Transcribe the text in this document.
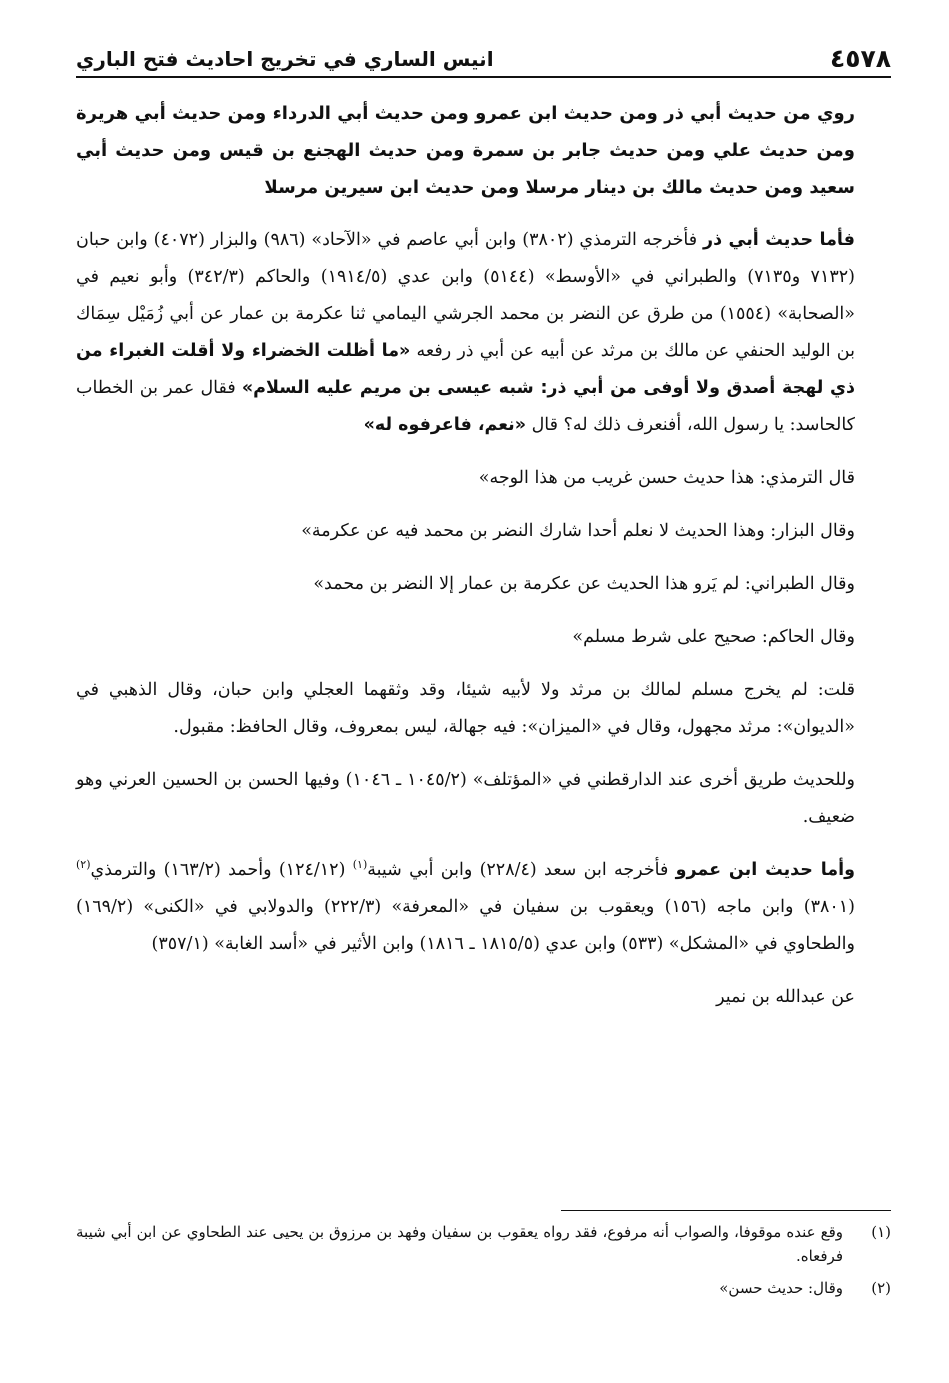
٤٥٧٨
انيس الساري في تخريج احاديث فتح الباري

روي من حديث أبي ذر ومن حديث ابن عمرو ومن حديث أبي الدرداء ومن حديث أبي هريرة ومن حديث علي ومن حديث جابر بن سمرة ومن حديث الهجنع بن قيس ومن حديث أبي سعيد ومن حديث مالك بن دينار مرسلا ومن حديث ابن سيرين مرسلا

فأما حديث أبي ذر فأخرجه الترمذي (٣٨٠٢) وابن أبي عاصم في «الآحاد» (٩٨٦) والبزار (٤٠٧٢) وابن حبان (٧١٣٢ و٧١٣٥) والطبراني في «الأوسط» (٥١٤٤) وابن عدي (١٩١٤/٥) والحاكم (٣٤٢/٣) وأبو نعيم في «الصحابة» (١٥٥٤) من طرق عن النضر بن محمد الجرشي اليمامي ثنا عكرمة بن عمار عن أبي زُمَيْل سِمَاك بن الوليد الحنفي عن مالك بن مرثد عن أبيه عن أبي ذر رفعه «ما أظلت الخضراء ولا أقلت الغبراء من ذي لهجة أصدق ولا أوفى من أبي ذر: شبه عيسى بن مريم عليه السلام» فقال عمر بن الخطاب كالحاسد: يا رسول الله، أفنعرف ذلك له؟ قال «نعم، فاعرفوه له»

قال الترمذي: هذا حديث حسن غريب من هذا الوجه»

وقال البزار: وهذا الحديث لا نعلم أحدا شارك النضر بن محمد فيه عن عكرمة»

وقال الطبراني: لم يَرو هذا الحديث عن عكرمة بن عمار إلا النضر بن محمد»

وقال الحاكم: صحيح على شرط مسلم»

قلت: لم يخرج مسلم لمالك بن مرثد ولا لأبيه شيئا، وقد وثقهما العجلي وابن حبان، وقال الذهبي في «الديوان»: مرثد مجهول، وقال في «الميزان»: فيه جهالة، ليس بمعروف، وقال الحافظ: مقبول.

وللحديث طريق أخرى عند الدارقطني في «المؤتلف» (١٠٤٥/٢ ـ ١٠٤٦) وفيها الحسن بن الحسين العرني وهو ضعيف.

وأما حديث ابن عمرو فأخرجه ابن سعد (٢٢٨/٤) وابن أبي شيبة$^{(١)}$ (١٢٤/١٢) وأحمد (١٦٣/٢) والترمذي$^{(٢)}$ (٣٨٠١) وابن ماجه (١٥٦) ويعقوب بن سفيان في «المعرفة» (٢٢٢/٣) والدولابي في «الكنى» (١٦٩/٢) والطحاوي في «المشكل» (٥٣٣) وابن عدي (١٨١٥/٥ ـ ١٨١٦) وابن الأثير في «أسد الغابة» (٣٥٧/١)

عن عبدالله بن نمير

(١)
وقع عنده موقوفا، والصواب أنه مرفوع، فقد رواه يعقوب بن سفيان وفهد بن مرزوق بن يحيى عند الطحاوي عن ابن أبي شيبة فرفعاه.
(٢)
وقال: حديث حسن»
